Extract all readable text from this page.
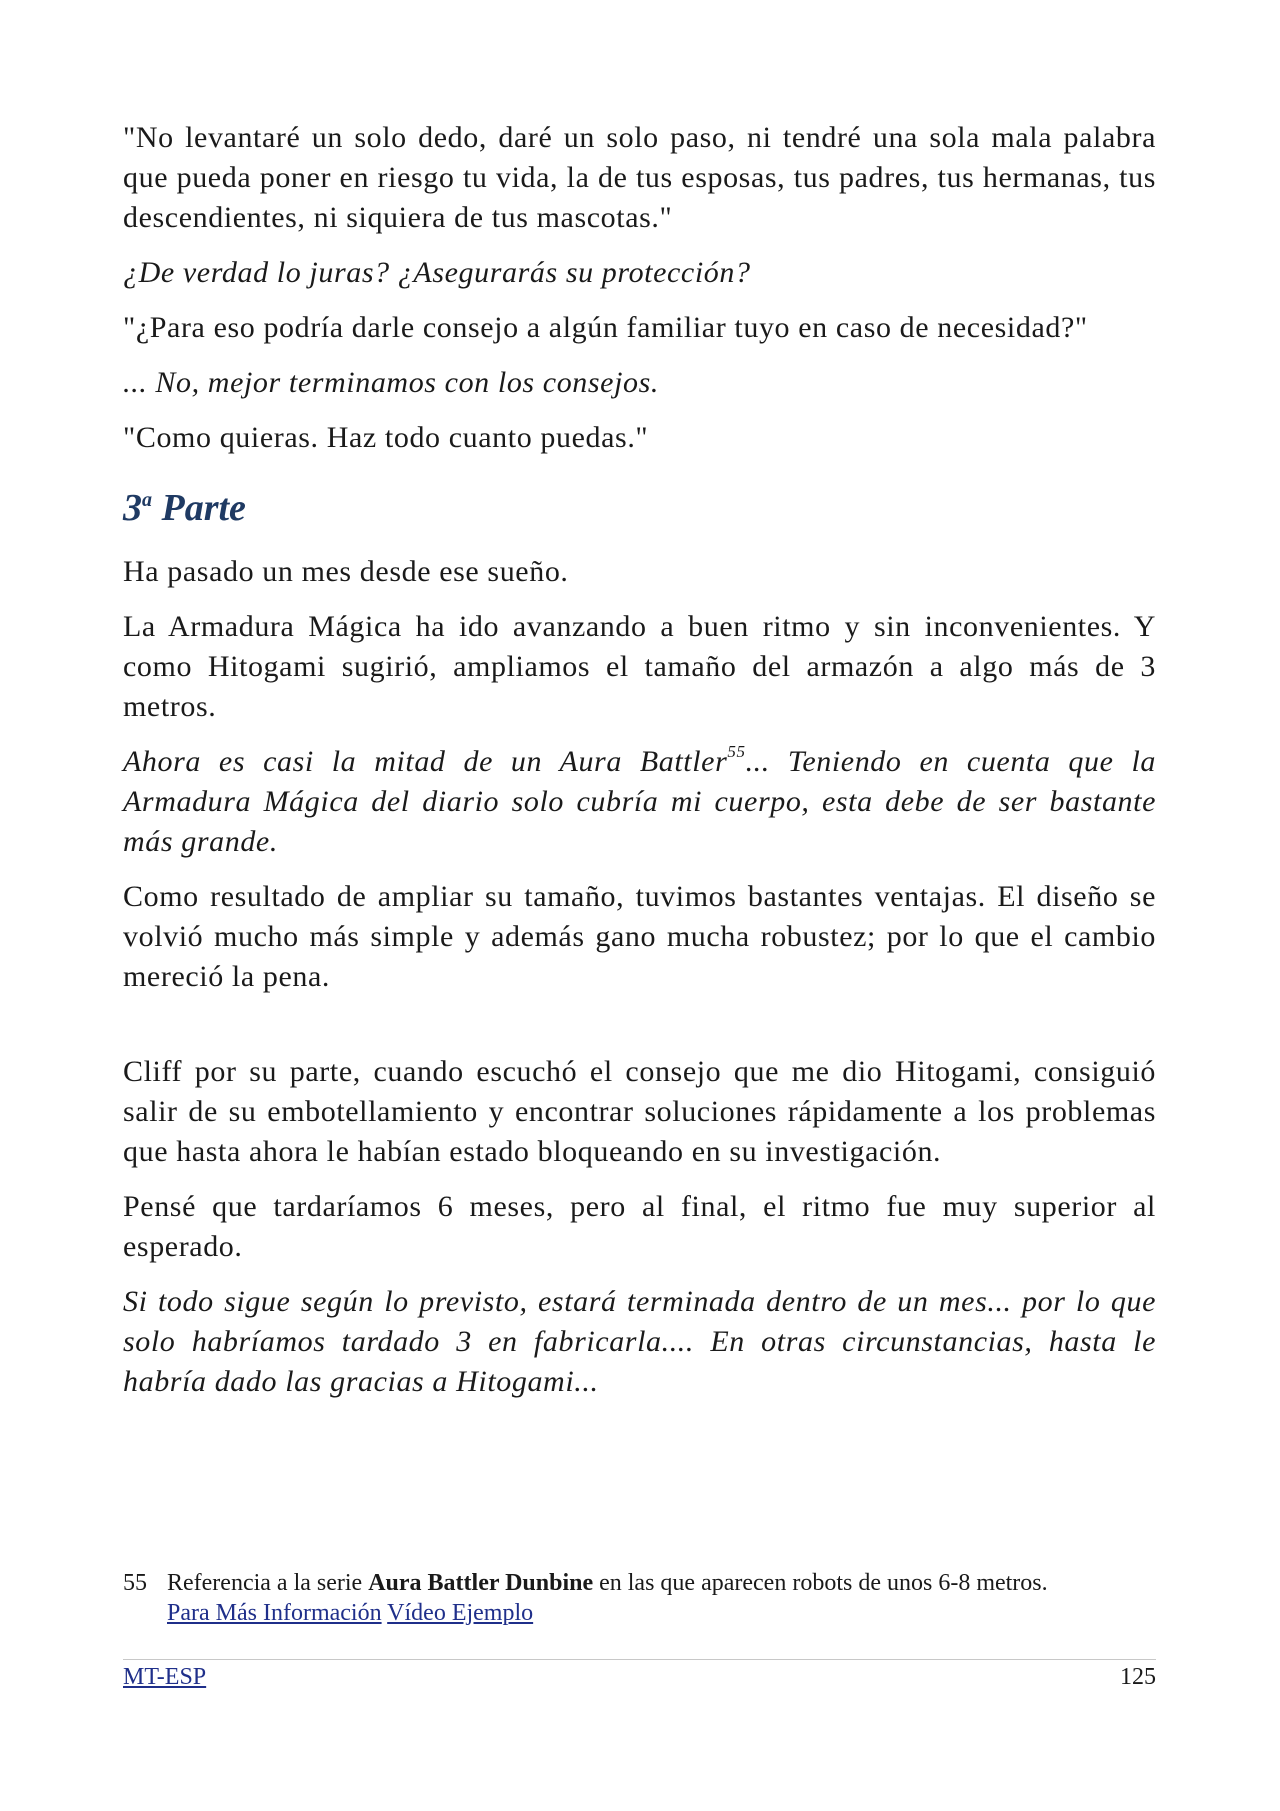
"No levantaré un solo dedo, daré un solo paso, ni tendré una sola mala palabra que pueda poner en riesgo tu vida, la de tus esposas, tus padres, tus hermanas, tus descendientes, ni siquiera de tus mascotas."

¿De verdad lo juras? ¿Asegurarás su protección?

"¿Para eso podría darle consejo a algún familiar tuyo en caso de necesidad?"

... No, mejor terminamos con los consejos.

"Como quieras. Haz todo cuanto puedas."

3$^a$ Parte

Ha pasado un mes desde ese sueño.

La Armadura Mágica ha ido avanzando a buen ritmo y sin inconvenientes. Y como Hitogami sugirió, ampliamos el tamaño del armazón a algo más de 3 metros.

Ahora es casi la mitad de un Aura Battler$^{55}$... Teniendo en cuenta que la Armadura Mágica del diario solo cubría mi cuerpo, esta debe de ser bastante más grande.

Como resultado de ampliar su tamaño, tuvimos bastantes ventajas. El diseño se volvió mucho más simple y además gano mucha robustez; por lo que el cambio mereció la pena.

Cliff por su parte, cuando escuchó el consejo que me dio Hitogami, consiguió salir de su embotellamiento y encontrar soluciones rápidamente a los problemas que hasta ahora le habían estado bloqueando en su investigación.

Pensé que tardaríamos 6 meses, pero al final, el ritmo fue muy superior al esperado.

Si todo sigue según lo previsto, estará terminada dentro de un mes... por lo que solo habríamos tardado 3 en fabricarla.... En otras circunstancias, hasta le habría dado las gracias a Hitogami...

55 Referencia a la serie Aura Battler Dunbine en las que aparecen robots de unos 6-8 metros.
Para Más Información Vídeo Ejemplo
MT-ESP	125
